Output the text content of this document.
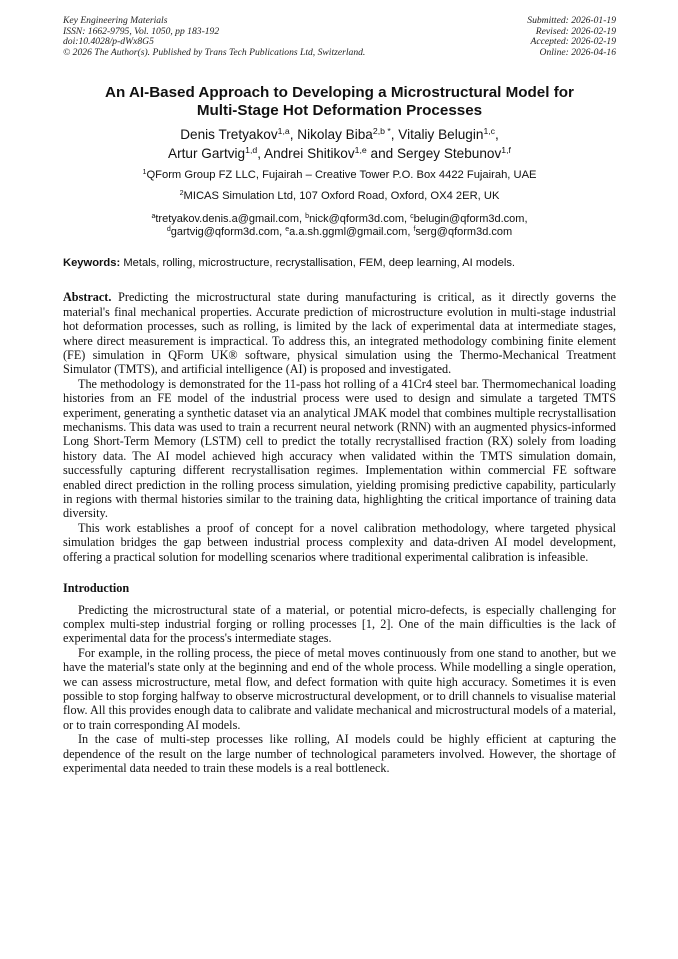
Key Engineering Materials
ISSN: 1662-9795, Vol. 1050, pp 183-192
doi:10.4028/p-dWx8G5
© 2026 The Author(s). Published by Trans Tech Publications Ltd, Switzerland.
Submitted: 2026-01-19
Revised: 2026-02-19
Accepted: 2026-02-19
Online: 2026-04-16
An AI-Based Approach to Developing a Microstructural Model for
Multi-Stage Hot Deformation Processes
Denis Tretyakov$^{1,a}$, Nikolay Biba$^{2,b *}$, Vitaliy Belugin$^{1,c}$,
Artur Gartvig$^{1,d}$, Andrei Shitikov$^{1,e}$ and Sergey Stebunov$^{1,f}$
$^1$QForm Group FZ LLC, Fujairah – Creative Tower P.O. Box 4422 Fujairah, UAE
$^2$MICAS Simulation Ltd, 107 Oxford Road, Oxford, OX4 2ER, UK
$^a$tretyakov.denis.a@gmail.com, $^b$nick@qform3d.com, $^c$belugin@qform3d.com,
$^d$gartvig@qform3d.com, $^e$a.a.sh.ggml@gmail.com, $^f$serg@qform3d.com
Keywords: Metals, rolling, microstructure, recrystallisation, FEM, deep learning, AI models.

Abstract. Predicting the microstructural state during manufacturing is critical, as it directly governs the material's final mechanical properties. Accurate prediction of microstructure evolution in multi-stage industrial hot deformation processes, such as rolling, is limited by the lack of experimental data at intermediate stages, where direct measurement is impractical. To address this, an integrated methodology combining finite element (FE) simulation in QForm UK® software, physical simulation using the Thermo-Mechanical Treatment Simulator (TMTS), and artificial intelligence (AI) is proposed and investigated.

The methodology is demonstrated for the 11-pass hot rolling of a 41Cr4 steel bar. Thermomechanical loading histories from an FE model of the industrial process were used to design and simulate a targeted TMTS experiment, generating a synthetic dataset via an analytical JMAK model that combines multiple recrystallisation mechanisms. This data was used to train a recurrent neural network (RNN) with an augmented physics-informed Long Short-Term Memory (LSTM) cell to predict the totally recrystallised fraction (RX) solely from loading history data. The AI model achieved high accuracy when validated within the TMTS simulation domain, successfully capturing different recrystallisation regimes. Implementation within commercial FE software enabled direct prediction in the rolling process simulation, yielding promising predictive capability, particularly in regions with thermal histories similar to the training data, highlighting the critical importance of training data diversity.

This work establishes a proof of concept for a novel calibration methodology, where targeted physical simulation bridges the gap between industrial process complexity and data-driven AI model development, offering a practical solution for modelling scenarios where traditional experimental calibration is infeasible.

Introduction

Predicting the microstructural state of a material, or potential micro-defects, is especially challenging for complex multi-step industrial forging or rolling processes [1, 2]. One of the main difficulties is the lack of experimental data for the process's intermediate stages.

For example, in the rolling process, the piece of metal moves continuously from one stand to another, but we have the material's state only at the beginning and end of the whole process. While modelling a single operation, we can assess microstructure, metal flow, and defect formation with quite high accuracy. Sometimes it is even possible to stop forging halfway to observe microstructural development, or to drill channels to visualise material flow. All this provides enough data to calibrate and validate mechanical and microstructural models of a material, or to train corresponding AI models.

In the case of multi-step processes like rolling, AI models could be highly efficient at capturing the dependence of the result on the large number of technological parameters involved. However, the shortage of experimental data needed to train these models is a real bottleneck.
